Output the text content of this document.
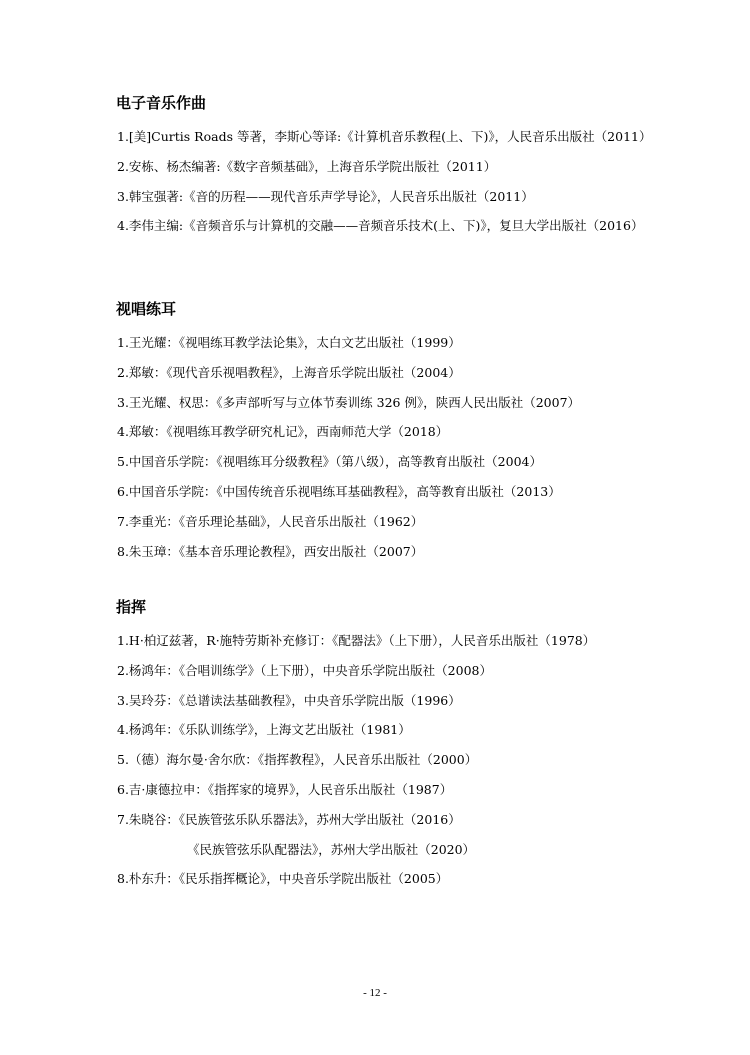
电子音乐作曲
1.[美]Curtis Roads 等著，李斯心等译:《计算机音乐教程(上、下)》，人民音乐出版社（2011）
2.安栋、杨杰编著:《数字音频基础》，上海音乐学院出版社（2011）
3.韩宝强著:《音的历程——现代音乐声学导论》，人民音乐出版社（2011）
4.李伟主编:《音频音乐与计算机的交融——音频音乐技术(上、下)》，复旦大学出版社（2016）
视唱练耳
1.王光耀：《视唱练耳教学法论集》，太白文艺出版社（1999）
2.郑敏：《现代音乐视唱教程》，上海音乐学院出版社（2004）
3.王光耀、权思：《多声部听写与立体节奏训练 326 例》，陕西人民出版社（2007）
4.郑敏：《视唱练耳教学研究札记》，西南师范大学（2018）
5.中国音乐学院：《视唱练耳分级教程》（第八级），高等教育出版社（2004）
6.中国音乐学院：《中国传统音乐视唱练耳基础教程》，高等教育出版社（2013）
7.李重光：《音乐理论基础》，人民音乐出版社（1962）
8.朱玉璋：《基本音乐理论教程》，西安出版社（2007）
指挥
1.H·柏辽兹著，R·施特劳斯补充修订：《配器法》（上下册），人民音乐出版社（1978）
2.杨鸿年：《合唱训练学》（上下册），中央音乐学院出版社（2008）
3.吴玲芬：《总谱读法基础教程》，中央音乐学院出版（1996）
4.杨鸿年：《乐队训练学》，上海文艺出版社（1981）
5.（德）海尔曼·舍尔欣：《指挥教程》，人民音乐出版社（2000）
6.吉·康德拉申：《指挥家的境界》，人民音乐出版社（1987）
7.朱晓谷：《民族管弦乐队乐器法》，苏州大学出版社（2016）
《民族管弦乐队配器法》，苏州大学出版社（2020）
8.朴东升：《民乐指挥概论》，中央音乐学院出版社（2005）
- 12 -
